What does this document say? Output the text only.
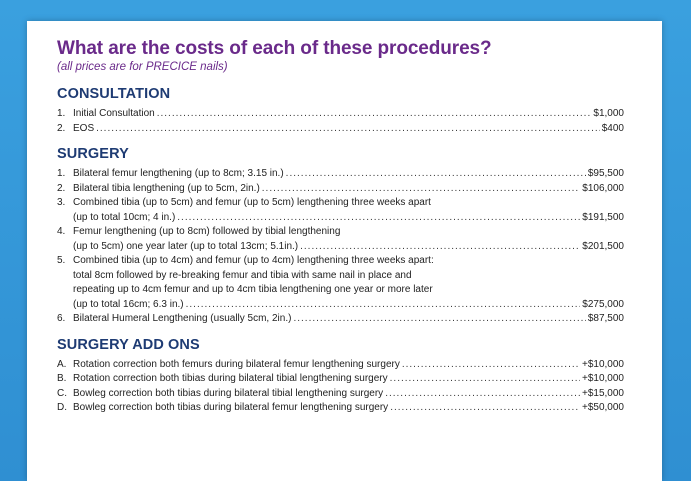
What are the costs of each of these procedures?

(all prices are for PRECICE nails)

CONSULTATION
1. Initial Consultation .....	$1,000
2. EOS .....	$400
SURGERY
1. Bilateral femur lengthening (up to 8cm; 3.15 in.) .....	$95,500
2. Bilateral tibia lengthening (up to 5cm, 2in.) .....	$106,000
3. Combined tibia (up to 5cm) and femur (up to 5cm) lengthening three weeks apart
(up to total 10cm; 4 in.) .....	$191,500
4. Femur lengthening (up to 8cm) followed by tibial lengthening
(up to 5cm) one year later (up to total 13cm; 5.1in.) .....	$201,500
5. Combined tibia (up to 4cm) and femur (up to 4cm) lengthening three weeks apart:
total 8cm followed by re-breaking femur and tibia with same nail in place and
repeating up to 4cm femur and up to 4cm tibia lengthening one year or more later
(up to total 16cm; 6.3 in.) .....	$275,000
6. Bilateral Humeral Lengthening (usually 5cm, 2in.) .....	$87,500
SURGERY ADD ONS
A. Rotation correction both femurs during bilateral femur lengthening surgery .....	+$10,000
B. Rotation correction both tibias during bilateral tibial lengthening surgery .....	+$10,000
C. Bowleg correction both tibias during bilateral tibial lengthening surgery .....	+$15,000
D. Bowleg correction both tibias during bilateral femur lengthening surgery .....	+$50,000
